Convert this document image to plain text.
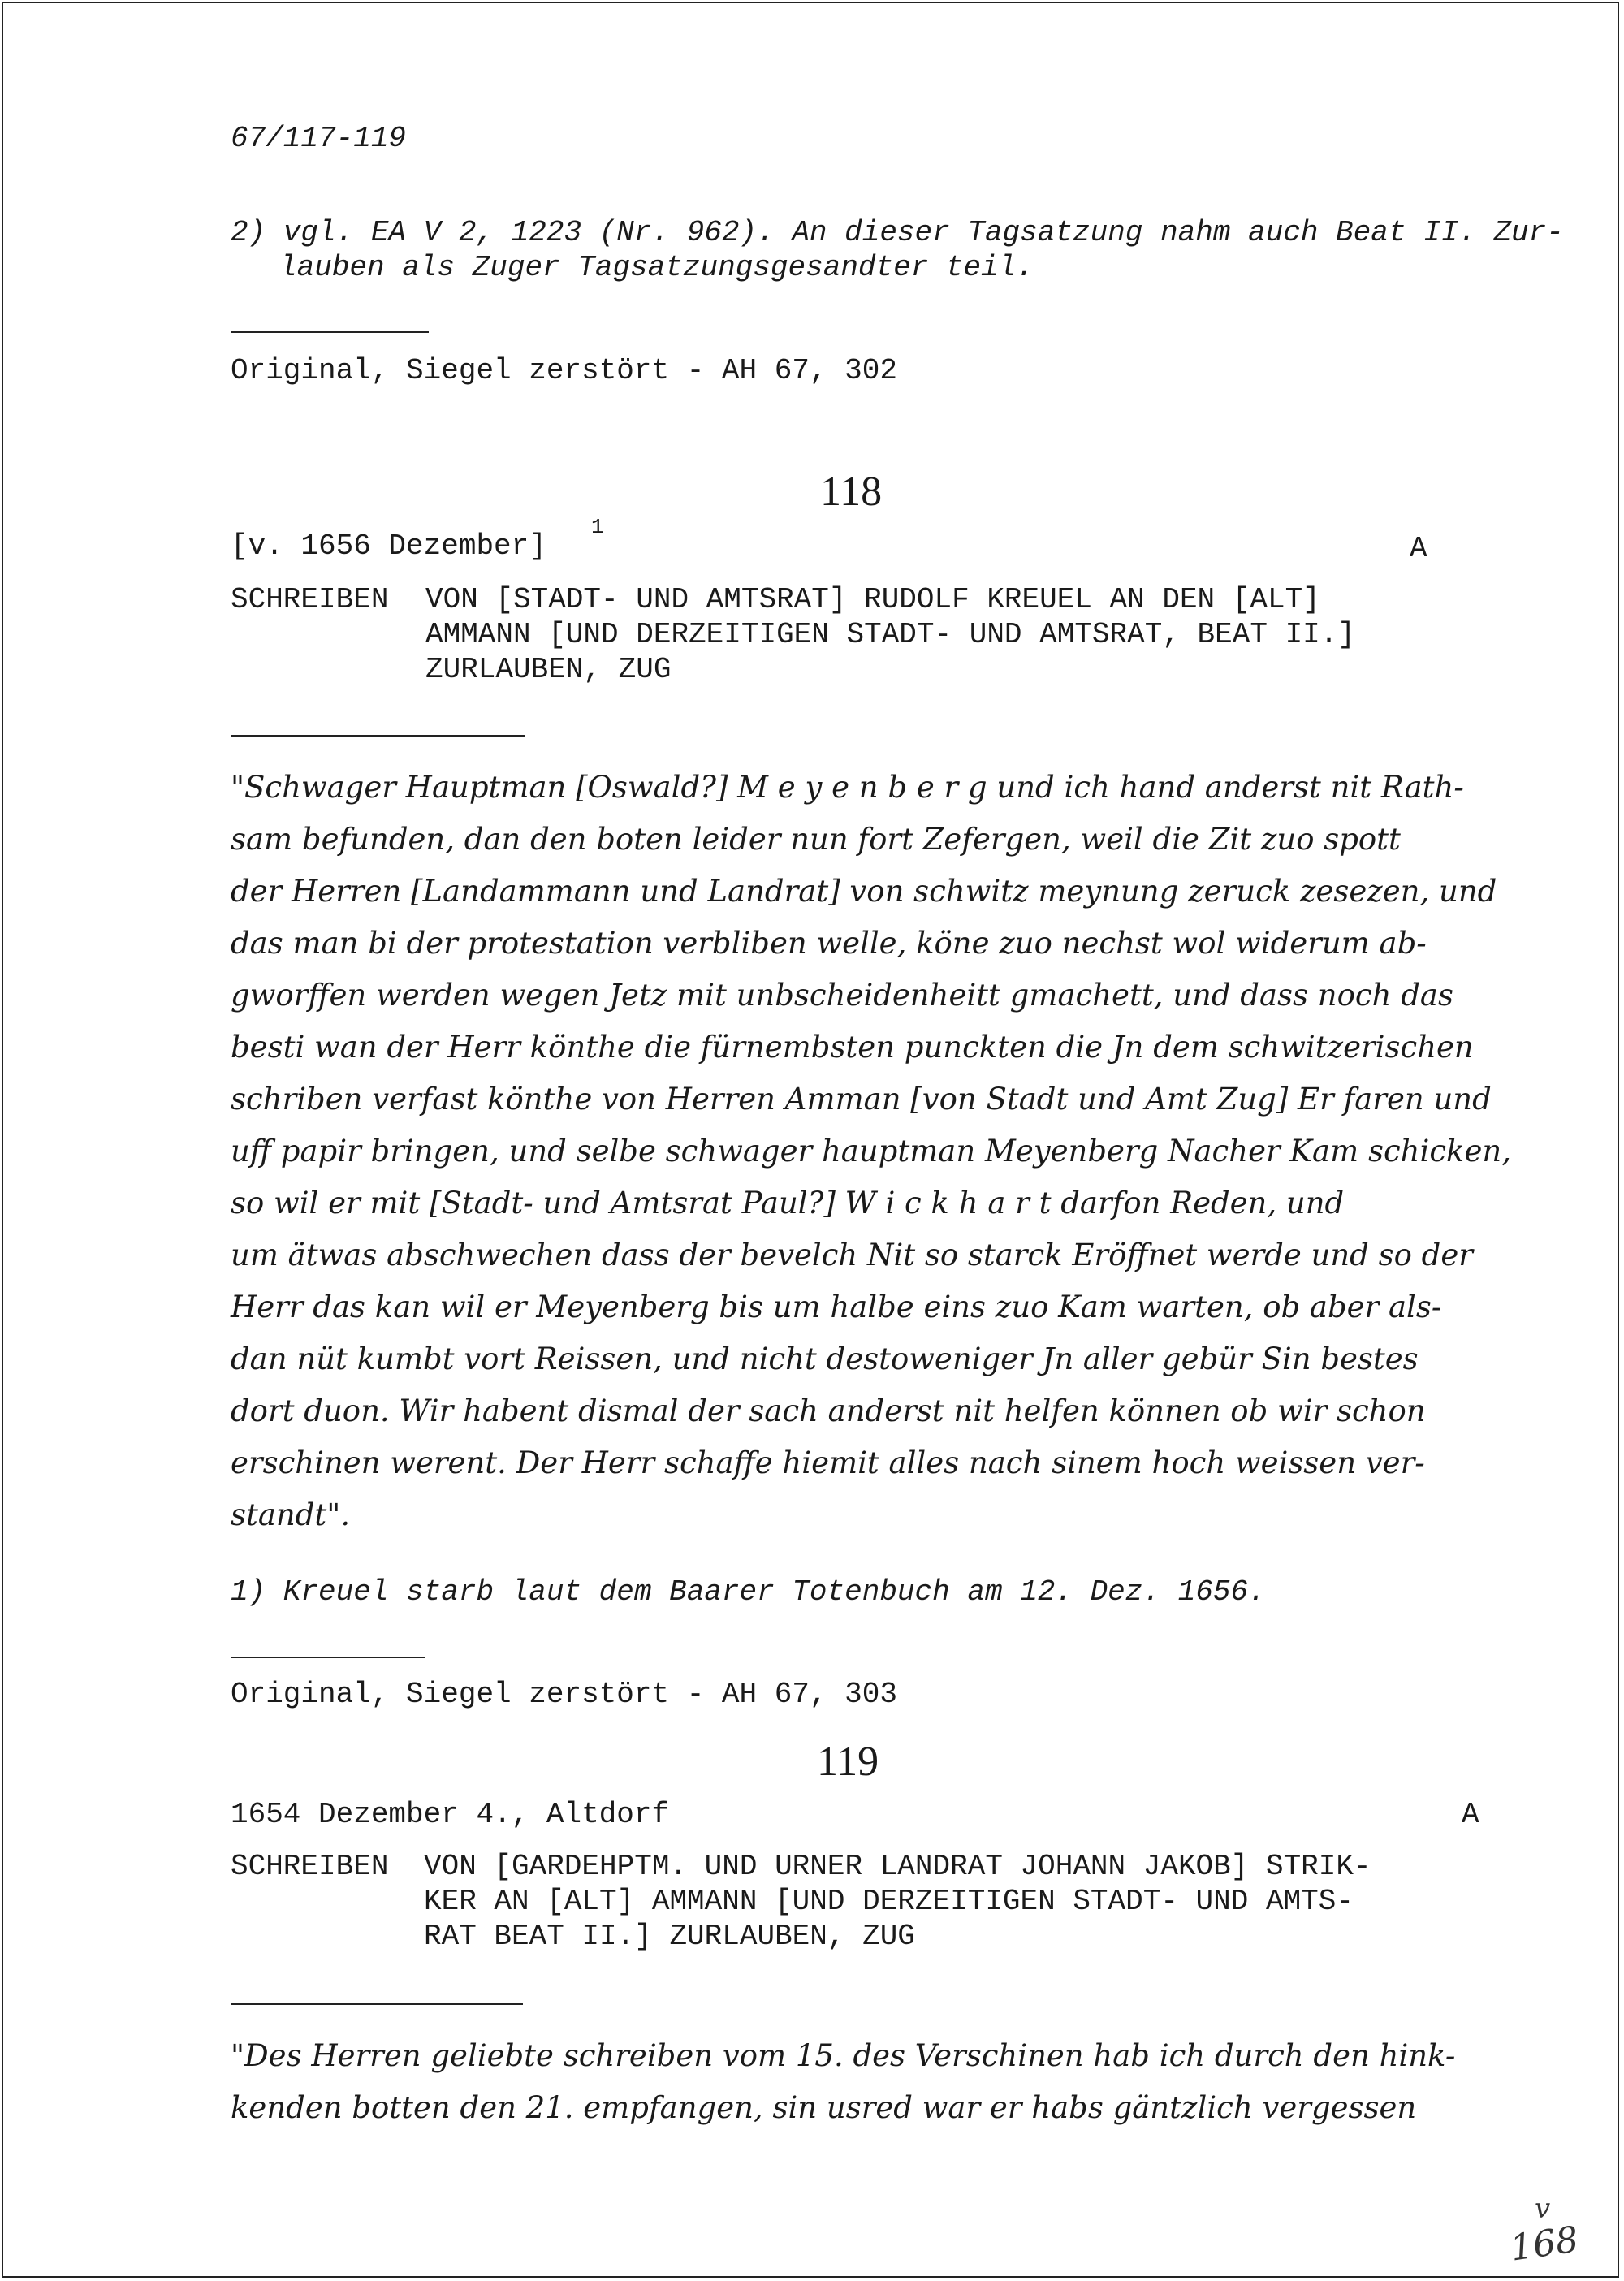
67/117-119
2) vgl. EA V 2, 1223 (Nr. 962). An dieser Tagsatzung nahm auch Beat II. Zur-
lauben als Zuger Tagsatzungsgesandter teil.
Original, Siegel zerstört - AH 67, 302
118
[v. 1656 Dezember]
1
A
SCHREIBEN VON [STADT- UND AMTSRAT] RUDOLF KREUEL AN DEN [ALT]
AMMANN [UND DERZEITIGEN STADT- UND AMTSRAT, BEAT II.]
ZURLAUBEN, ZUG
"Schwager Hauptman [Oswald?] M e y e n b e r g und ich hand anderst nit Rath-
sam befunden, dan den boten leider nun fort Zefergen, weil die Zit zuo spott
der Herren [Landammann und Landrat] von schwitz meynung zeruck zesezen, und
das man bi der protestation verbliben welle, köne zuo nechst wol widerum ab-
gworffen werden wegen Jetz mit unbscheidenheitt gmachett, und dass noch das
besti wan der Herr könthe die fürnembsten punckten die Jn dem schwitzerischen
schriben verfast könthe von Herren Amman [von Stadt und Amt Zug] Er faren und
uff papir bringen, und selbe schwager hauptman Meyenberg Nacher Kam schicken,
so wil er mit [Stadt- und Amtsrat Paul?] W i c k h a r t darfon Reden, und
um ätwas abschwechen dass der bevelch Nit so starck Eröffnet werde und so der
Herr das kan wil er Meyenberg bis um halbe eins zuo Kam warten, ob aber als-
dan nüt kumbt vort Reissen, und nicht destoweniger Jn aller gebür Sin bestes
dort duon. Wir habent dismal der sach anderst nit helfen können ob wir schon
erschinen werent. Der Herr schaffe hiemit alles nach sinem hoch weissen ver-
standt".
1) Kreuel starb laut dem Baarer Totenbuch am 12. Dez. 1656.
Original, Siegel zerstört - AH 67, 303
119
1654 Dezember 4., Altdorf	A
SCHREIBEN VON [GARDEHPTM. UND URNER LANDRAT JOHANN JAKOB] STRIK-
KER AN [ALT] AMMANN [UND DERZEITIGEN STADT- UND AMTS-
RAT BEAT II.] ZURLAUBEN, ZUG
"Des Herren geliebte schreiben vom 15. des Verschinen hab ich durch den hink-
kenden botten den 21. empfangen, sin usred war er habs gäntzlich vergessen
v
168
